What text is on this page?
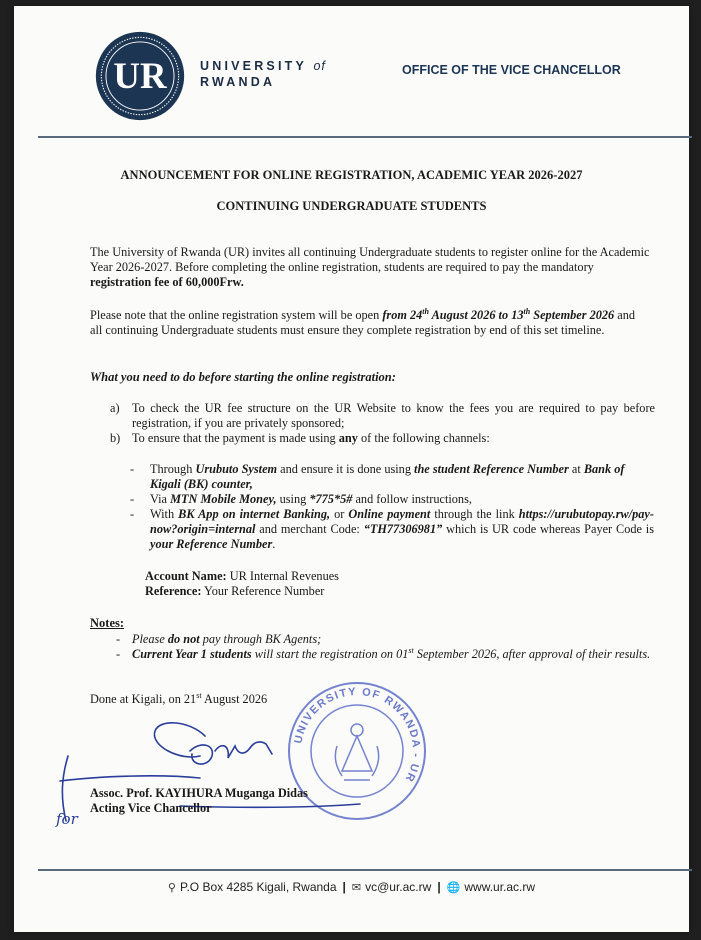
UR	UNIVERSITY of
RWANDA
OFFICE OF THE VICE CHANCELLOR
ANNOUNCEMENT FOR ONLINE REGISTRATION, ACADEMIC YEAR 2026-2027
CONTINUING UNDERGRADUATE STUDENTS
The University of Rwanda (UR) invites all continuing Undergraduate students to register online for the Academic Year 2026-2027. Before completing the online registration, students are required to pay the mandatory registration fee of 60,000Frw.
Please note that the online registration system will be open from 24th August 2026 to 13th September 2026 and all continuing Undergraduate students must ensure they complete registration by end of this set timeline.
What you need to do before starting the online registration:
a) To check the UR fee structure on the UR Website to know the fees you are required to pay before registration, if you are privately sponsored;
b) To ensure that the payment is made using any of the following channels:
- Through Urubuto System and ensure it is done using the student Reference Number at Bank of Kigali (BK) counter,
- Via MTN Mobile Money, using *775*5# and follow instructions,
- With BK App on internet Banking, or Online payment through the link https://urubutopay.rw/pay-now?origin=internal and merchant Code: “TH77306981” which is UR code whereas Payer Code is your Reference Number.
Account Name: UR Internal Revenues
Reference: Your Reference Number
Notes:
- Please do not pay through BK Agents;
- Current Year 1 students will start the registration on 01st September 2026, after approval of their results.
Done at Kigali, on 21st August 2026
UNIVERSITY OF RWANDA - UR
for
Assoc. Prof. KAYIHURA Muganga Didas
Acting Vice Chancellor
⚲ P.O Box 4285 Kigali, Rwanda | ✉ vc@ur.ac.rw | 🌐 www.ur.ac.rw
